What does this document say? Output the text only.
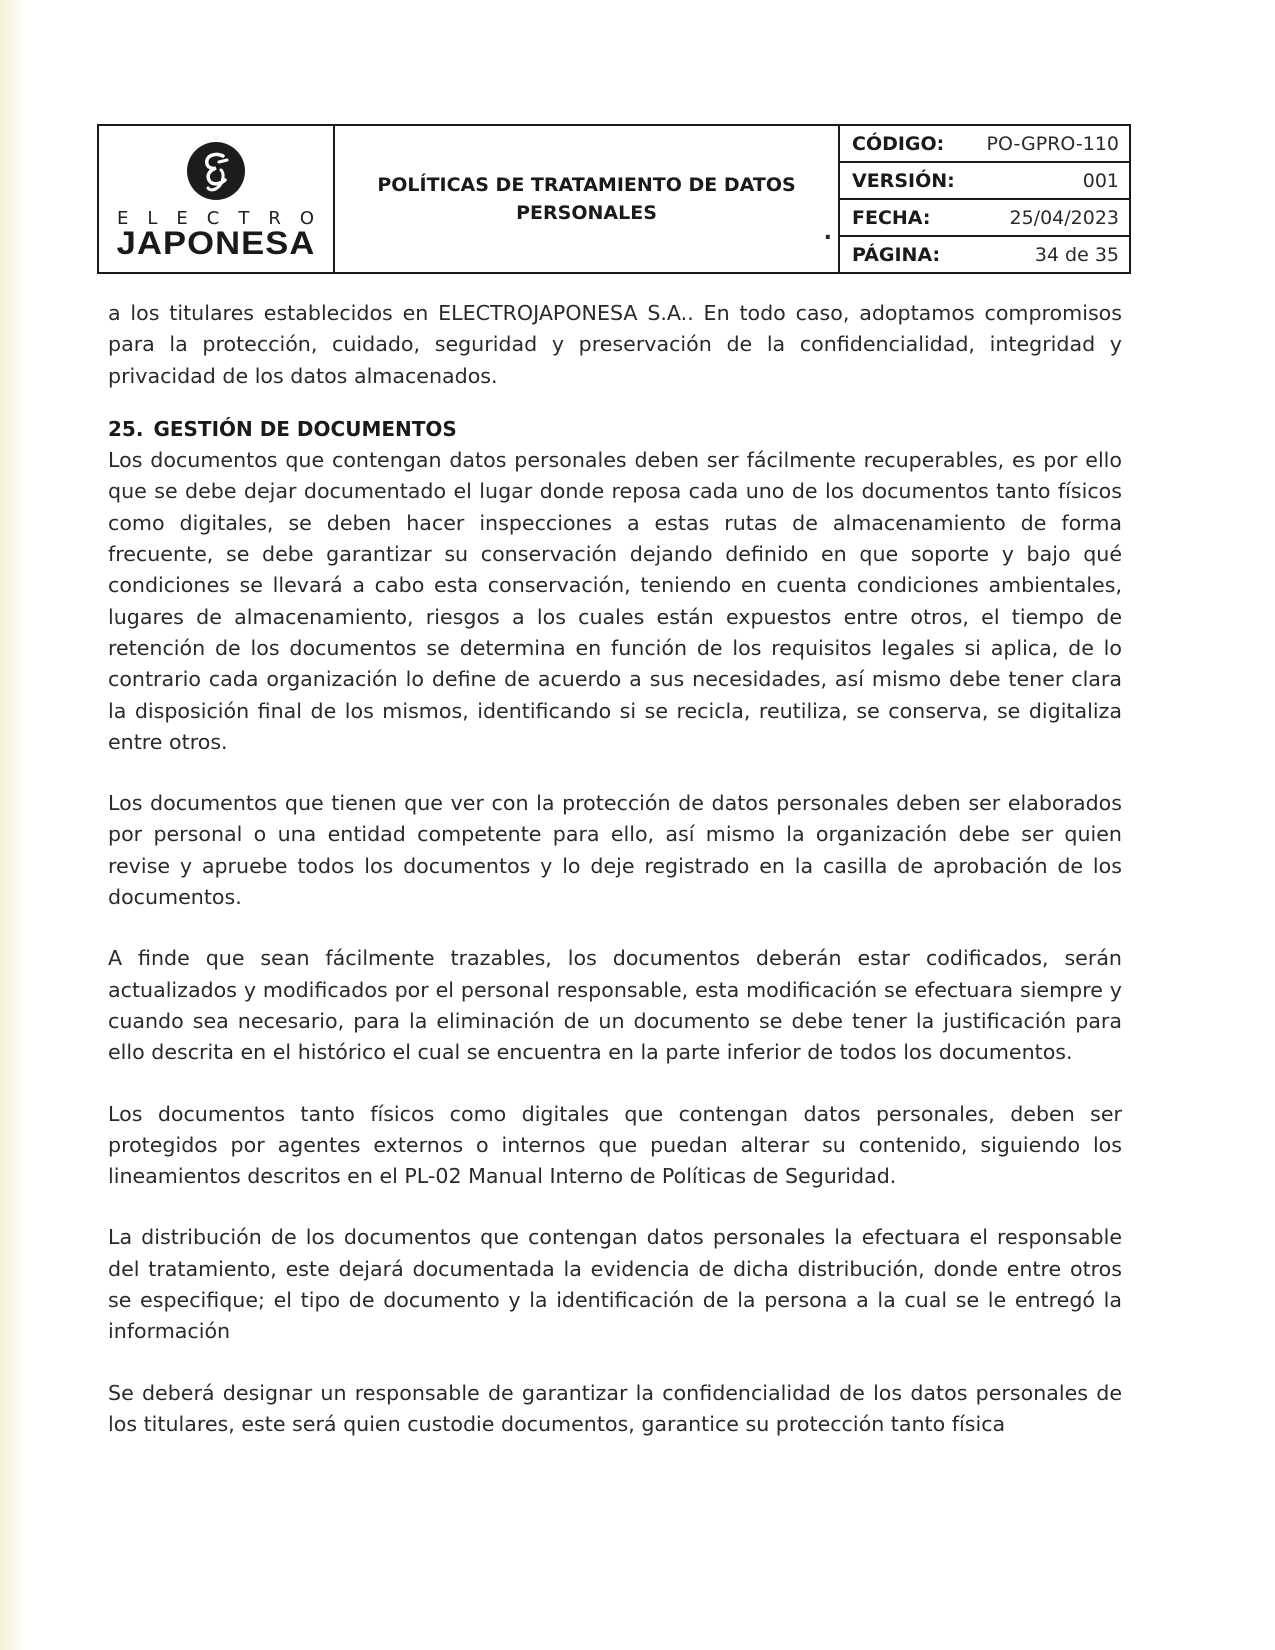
ELECTRO
JAPONESA
POLÍTICAS DE TRATAMIENTO DE DATOS PERSONALES
.
CÓDIGO: PO-GPRO-110
VERSIÓN:	001
FECHA:	25/04/2023
PÁGINA:	34 de 35

a los titulares establecidos en ELECTROJAPONESA S.A.. En todo caso, adoptamos compromisos para la protección, cuidado, seguridad y preservación de la confidencialidad, integridad y privacidad de los datos almacenados.

25. GESTIÓN DE DOCUMENTOS

Los documentos que contengan datos personales deben ser fácilmente recuperables, es por ello que se debe dejar documentado el lugar donde reposa cada uno de los documentos tanto físicos como digitales, se deben hacer inspecciones a estas rutas de almacenamiento de forma frecuente, se debe garantizar su conservación dejando definido en que soporte y bajo qué condiciones se llevará a cabo esta conservación, teniendo en cuenta condiciones ambientales, lugares de almacenamiento, riesgos a los cuales están expuestos entre otros, el tiempo de retención de los documentos se determina en función de los requisitos legales si aplica, de lo contrario cada organización lo define de acuerdo a sus necesidades, así mismo debe tener clara la disposición final de los mismos, identificando si se recicla, reutiliza, se conserva, se digitaliza entre otros.

Los documentos que tienen que ver con la protección de datos personales deben ser elaborados por personal o una entidad competente para ello, así mismo la organización debe ser quien revise y apruebe todos los documentos y lo deje registrado en la casilla de aprobación de los documentos.

A finde que sean fácilmente trazables, los documentos deberán estar codificados, serán actualizados y modificados por el personal responsable, esta modificación se efectuara siempre y cuando sea necesario, para la eliminación de un documento se debe tener la justificación para ello descrita en el histórico el cual se encuentra en la parte inferior de todos los documentos.

Los documentos tanto físicos como digitales que contengan datos personales, deben ser protegidos por agentes externos o internos que puedan alterar su contenido, siguiendo los lineamientos descritos en el PL-02 Manual Interno de Políticas de Seguridad.

La distribución de los documentos que contengan datos personales la efectuara el responsable del tratamiento, este dejará documentada la evidencia de dicha distribución, donde entre otros se especifique; el tipo de documento y la identificación de la persona a la cual se le entregó la información

Se deberá designar un responsable de garantizar la confidencialidad de los datos personales de los titulares, este será quien custodie documentos, garantice su protección tanto física
